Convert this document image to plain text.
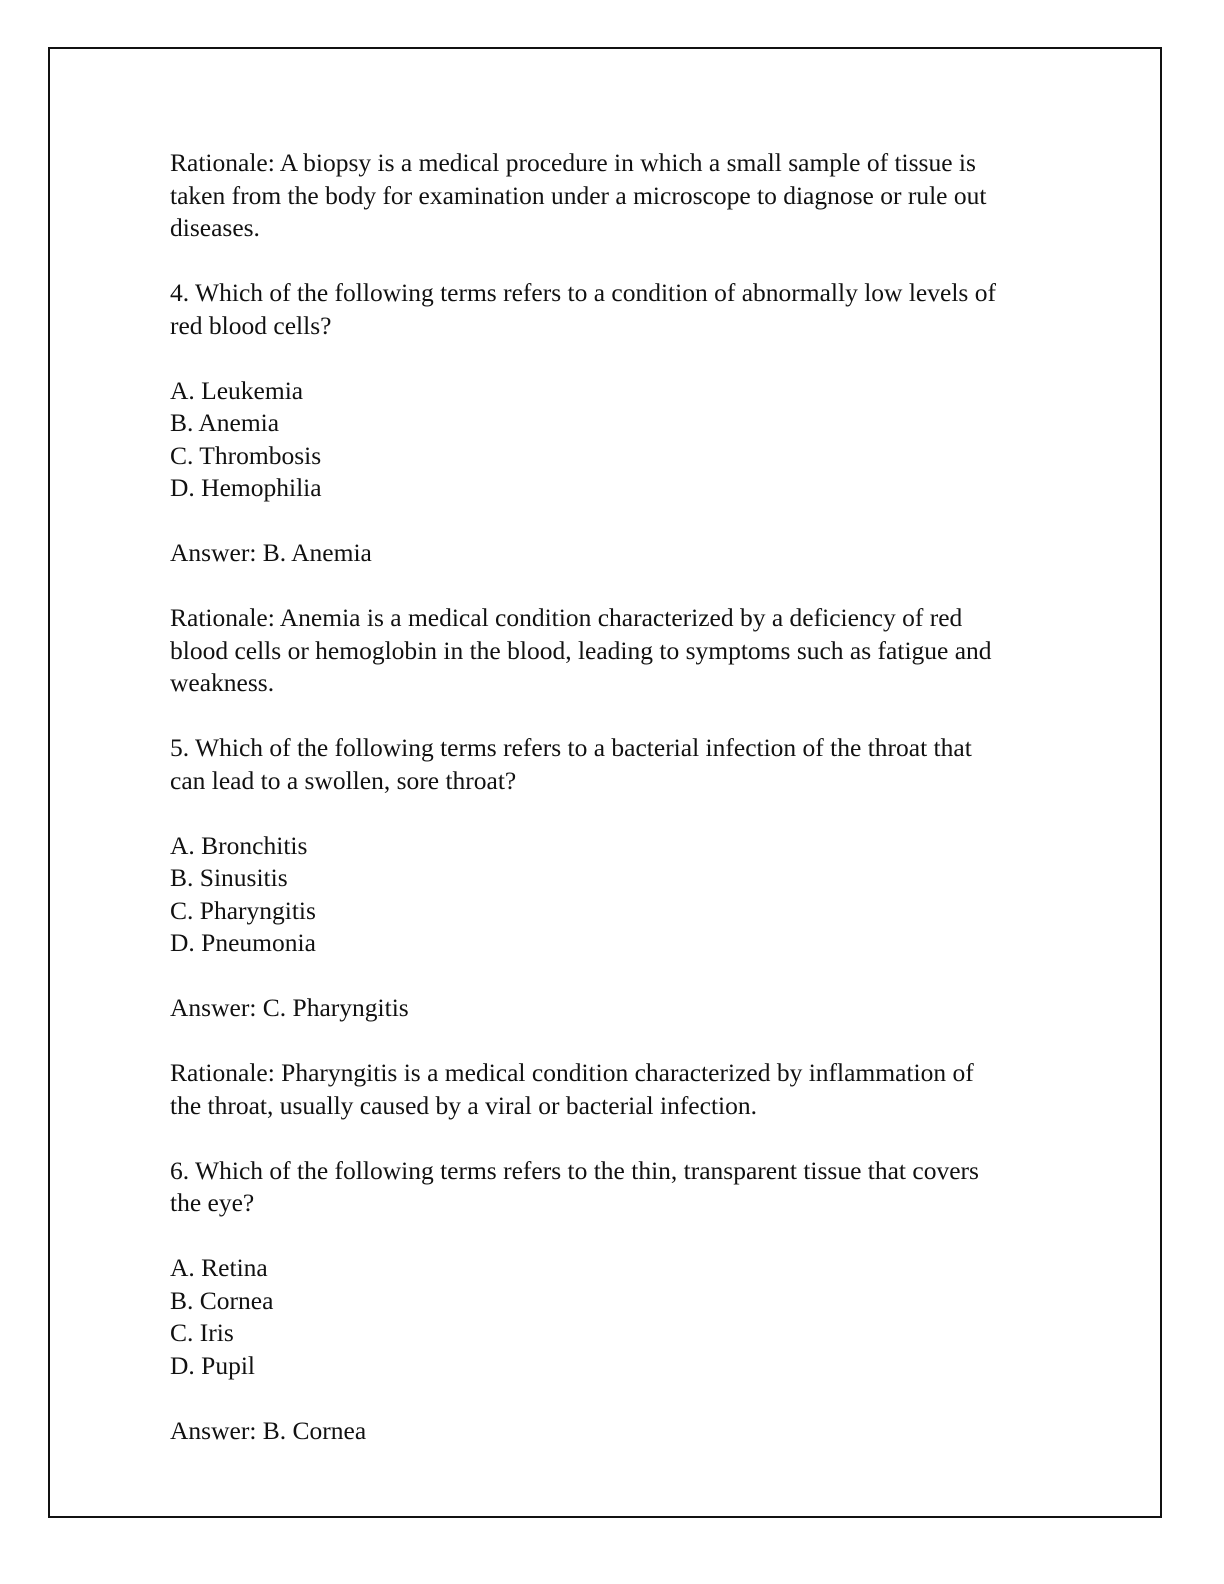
Rationale: A biopsy is a medical procedure in which a small sample of tissue is
taken from the body for examination under a microscope to diagnose or rule out
diseases.
4. Which of the following terms refers to a condition of abnormally low levels of
red blood cells?
A. Leukemia
B. Anemia
C. Thrombosis
D. Hemophilia
Answer: B. Anemia
Rationale: Anemia is a medical condition characterized by a deficiency of red
blood cells or hemoglobin in the blood, leading to symptoms such as fatigue and
weakness.
5. Which of the following terms refers to a bacterial infection of the throat that
can lead to a swollen, sore throat?
A. Bronchitis
B. Sinusitis
C. Pharyngitis
D. Pneumonia
Answer: C. Pharyngitis
Rationale: Pharyngitis is a medical condition characterized by inflammation of
the throat, usually caused by a viral or bacterial infection.
6. Which of the following terms refers to the thin, transparent tissue that covers
the eye?
A. Retina
B. Cornea
C. Iris
D. Pupil
Answer: B. Cornea
